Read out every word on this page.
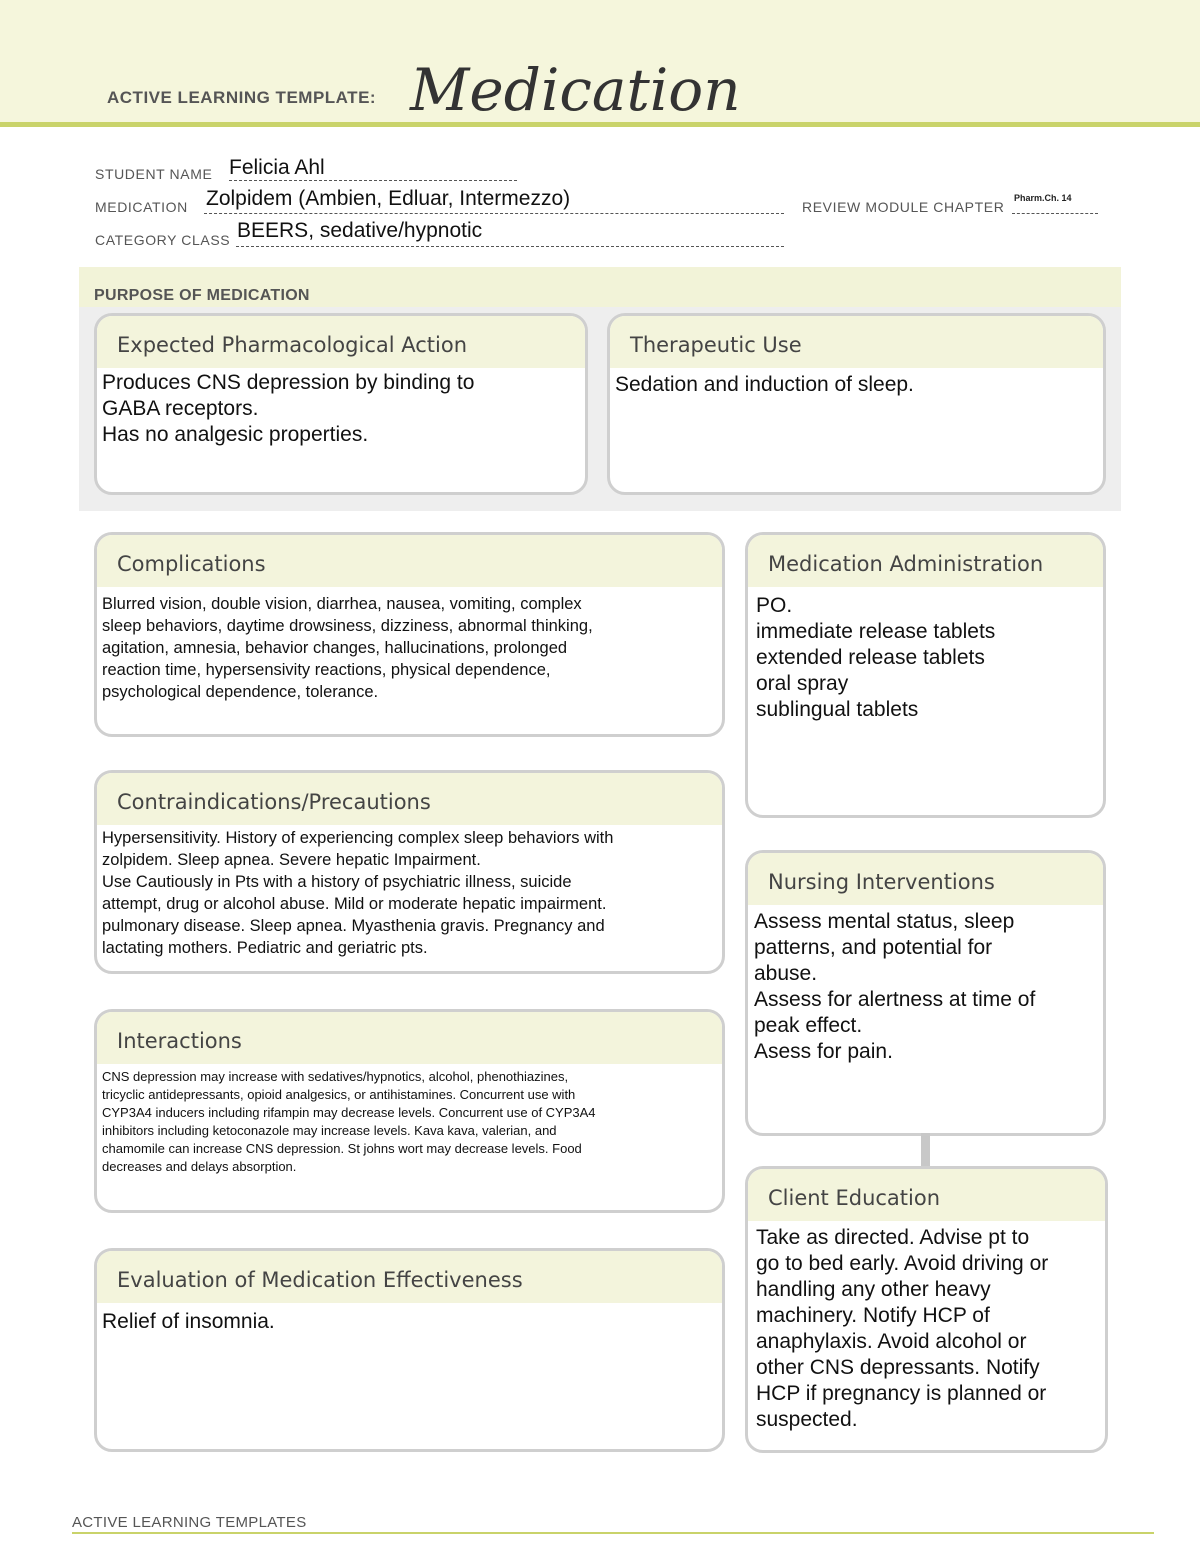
ACTIVE LEARNING TEMPLATE: Medication
STUDENT NAME Felicia Ahl
MEDICATION Zolpidem (Ambien, Edluar, Intermezzo)	REVIEW MODULE CHAPTER
Pharm.Ch. 14
CATEGORY CLASS BEERS, sedative/hypnotic
PURPOSE OF MEDICATION
Expected Pharmacological Action
Produces CNS depression by binding to
GABA receptors.
Has no analgesic properties.
Therapeutic Use
Sedation and induction of sleep.
Complications
Blurred vision, double vision, diarrhea, nausea, vomiting, complex
sleep behaviors, daytime drowsiness, dizziness, abnormal thinking,
agitation, amnesia, behavior changes, hallucinations, prolonged
reaction time, hypersensivity reactions, physical dependence,
psychological dependence, tolerance.
Contraindications/Precautions
Hypersensitivity. History of experiencing complex sleep behaviors with
zolpidem. Sleep apnea. Severe hepatic Impairment.
Use Cautiously in Pts with a history of psychiatric illness, suicide
attempt, drug or alcohol abuse. Mild or moderate hepatic impairment.
pulmonary disease. Sleep apnea. Myasthenia gravis. Pregnancy and
lactating mothers. Pediatric and geriatric pts.
Interactions
CNS depression may increase with sedatives/hypnotics, alcohol, phenothiazines,
tricyclic antidepressants, opioid analgesics, or antihistamines. Concurrent use with
CYP3A4 inducers including rifampin may decrease levels. Concurrent use of CYP3A4
inhibitors including ketoconazole may increase levels. Kava kava, valerian, and
chamomile can increase CNS depression. St johns wort may decrease levels. Food
decreases and delays absorption.
Evaluation of Medication Effectiveness
Relief of insomnia.
Medication Administration
PO.
immediate release tablets
extended release tablets
oral spray
sublingual tablets
Nursing Interventions
Assess mental status, sleep
patterns, and potential for
abuse.
Assess for alertness at time of
peak effect.
Asess for pain.
Client Education
Take as directed. Advise pt to
go to bed early. Avoid driving or
handling any other heavy
machinery. Notify HCP of
anaphylaxis. Avoid alcohol or
other CNS depressants. Notify
HCP if pregnancy is planned or
suspected.
ACTIVE LEARNING TEMPLATES
